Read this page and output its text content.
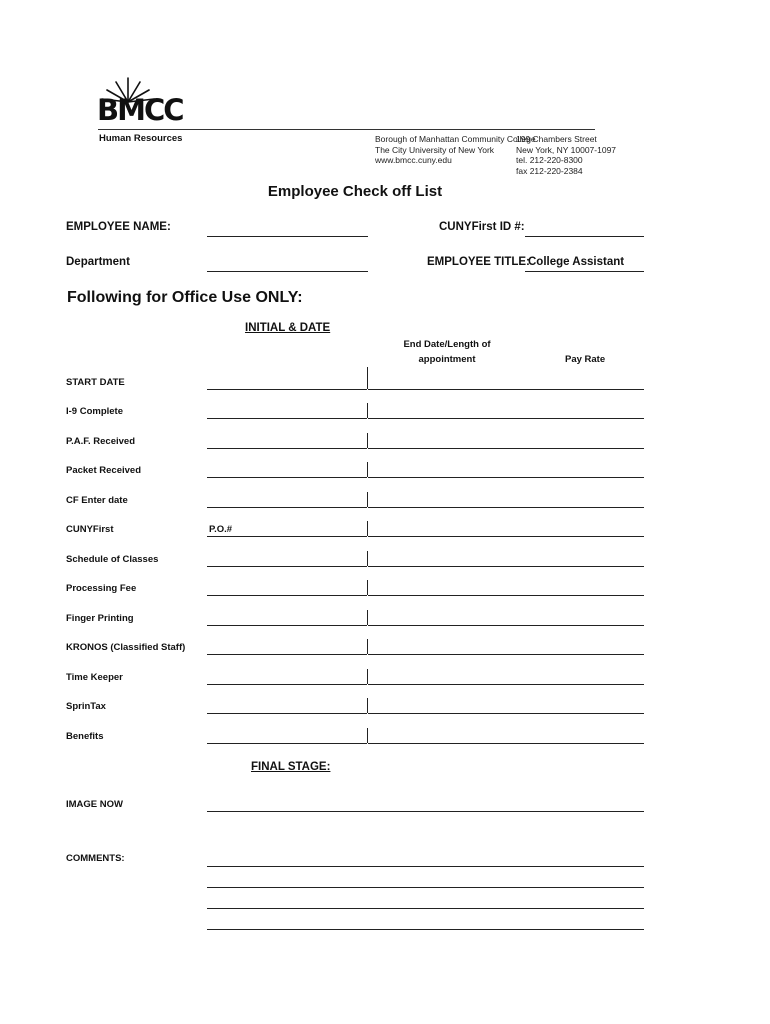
BMCC
Human Resources	Borough of Manhattan Community College
The City University of New York
www.bmcc.cuny.edu
199 Chambers Street
New York, NY 10007-1097
tel. 212-220-8300
fax 212-220-2384
Employee Check off List
EMPLOYEE NAME:	CUNYFirst ID #:
Department	EMPLOYEE TITLE:
College Assistant
Following for Office Use ONLY:
INITIAL & DATE
End Date/Length of appointment	Pay Rate
START DATE
I-9 Complete
P.A.F. Received
Packet Received
CF Enter date
CUNYFirst	P.O.#
Schedule of Classes
Processing Fee
Finger Printing
KRONOS (Classified Staff)
Time Keeper
SprinTax
Benefits
FINAL STAGE:
IMAGE NOW
COMMENTS:
